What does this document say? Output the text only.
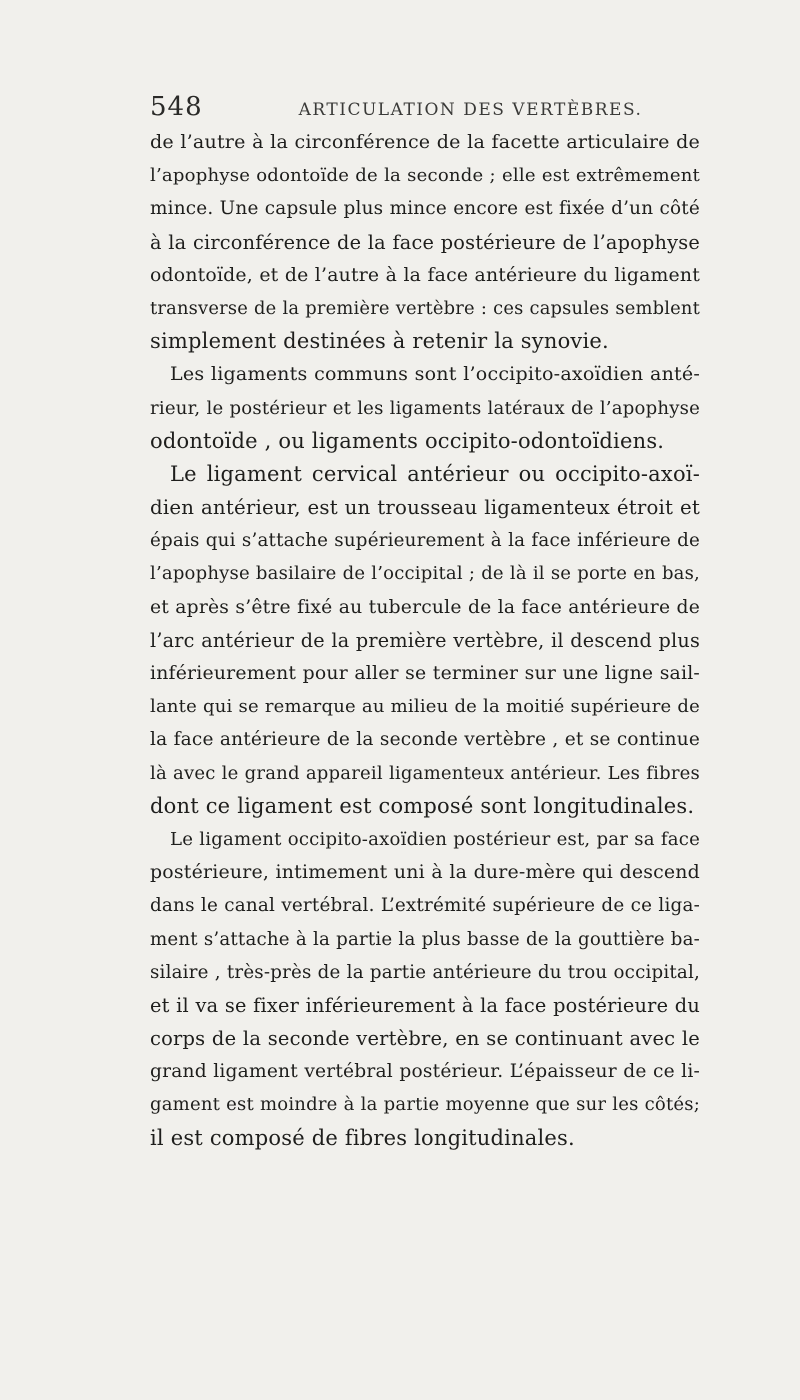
548	ARTICULATION DES VERTÈBRES.
de l’autre à la circonférence de la facette articulaire de
l’apophyse odontoïde de la seconde ; elle est extrêmement
mince. Une capsule plus mince encore est fixée d’un côté
à la circonférence de la face postérieure de l’apophyse
odontoïde, et de l’autre à la face antérieure du ligament
transverse de la première vertèbre : ces capsules semblent
simplement destinées à retenir la synovie.
Les ligaments communs sont l’occipito-axoïdien anté-
rieur, le postérieur et les ligaments latéraux de l’apophyse
odontoïde , ou ligaments occipito-odontoïdiens.
Le ligament cervical antérieur ou occipito-axoï-
dien antérieur, est un trousseau ligamenteux étroit et
épais qui s’attache supérieurement à la face inférieure de
l’apophyse basilaire de l’occipital ; de là il se porte en bas,
et après s’être fixé au tubercule de la face antérieure de
l’arc antérieur de la première vertèbre, il descend plus
inférieurement pour aller se terminer sur une ligne sail-
lante qui se remarque au milieu de la moitié supérieure de
la face antérieure de la seconde vertèbre , et se continue
là avec le grand appareil ligamenteux antérieur. Les fibres
dont ce ligament est composé sont longitudinales.
Le ligament occipito-axoïdien postérieur est, par sa face
postérieure, intimement uni à la dure-mère qui descend
dans le canal vertébral. L’extrémité supérieure de ce liga-
ment s’attache à la partie la plus basse de la gouttière ba-
silaire , très-près de la partie antérieure du trou occipital,
et il va se fixer inférieurement à la face postérieure du
corps de la seconde vertèbre, en se continuant avec le
grand ligament vertébral postérieur. L’épaisseur de ce li-
gament est moindre à la partie moyenne que sur les côtés;
il est composé de fibres longitudinales.
